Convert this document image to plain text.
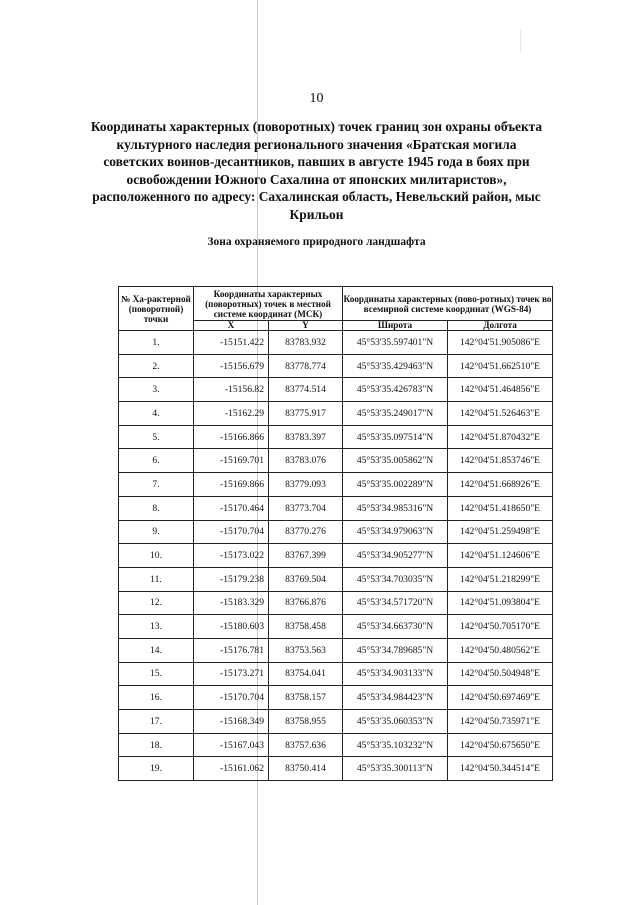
10
Координаты характерных (поворотных) точек границ зон охраны объекта культурного наследия регионального значения «Братская могила советских воинов-десантников, павших в августе 1945 года в боях при освобождении Южного Сахалина от японских милитаристов», расположенного по адресу: Сахалинская область, Невельский район, мыс Крильон
Зона охраняемого природного ландшафта
№ Ха-рактерной (поворотной) точки	Координаты характерных (поворотных) точек в местной системе координат (МСК)		Координаты характерных (пово-ротных) точек во всемирной системе координат (WGS-84)	
	X	Y	Широта	Долгота
1.	-15151.422	83783.932	45°53'35.597401"N	142°04'51.905086"E
2.	-15156.679	83778.774	45°53'35.429463"N	142°04'51.662510"E
3.	-15156.82	83774.514	45°53'35.426783"N	142°04'51.464856"E
4.	-15162.29	83775.917	45°53'35.249017"N	142°04'51.526463"E
5.	-15166.866	83783.397	45°53'35.097514"N	142°04'51.870432"E
6.	-15169.701	83783.076	45°53'35.005862"N	142°04'51.853746"E
7.	-15169.866	83779.093	45°53'35.002289"N	142°04'51.668926"E
8.	-15170.464	83773.704	45°53'34.985316"N	142°04'51.418650"E
9.	-15170.704	83770.276	45°53'34.979063"N	142°04'51.259498"E
10.	-15173.022	83767.399	45°53'34.905277"N	142°04'51.124606"E
11.	-15179.238	83769.504	45°53'34.703035"N	142°04'51.218299"E
12.	-15183.329	83766.876	45°53'34.571720"N	142°04'51.093804"E
13.	-15180.603	83758.458	45°53'34.663730"N	142°04'50.705170"E
14.	-15176.781	83753.563	45°53'34.789685"N	142°04'50.480562"E
15.	-15173.271	83754.041	45°53'34.903133"N	142°04'50.504948"E
16.	-15170.704	83758.157	45°53'34.984423"N	142°04'50.697469"E
17.	-15168.349	83758.955	45°53'35.060353"N	142°04'50.735971"E
18.	-15167.043	83757.636	45°53'35.103232"N	142°04'50.675650"E
19.	-15161.062	83750.414	45°53'35.300113"N	142°04'50.344514"E
